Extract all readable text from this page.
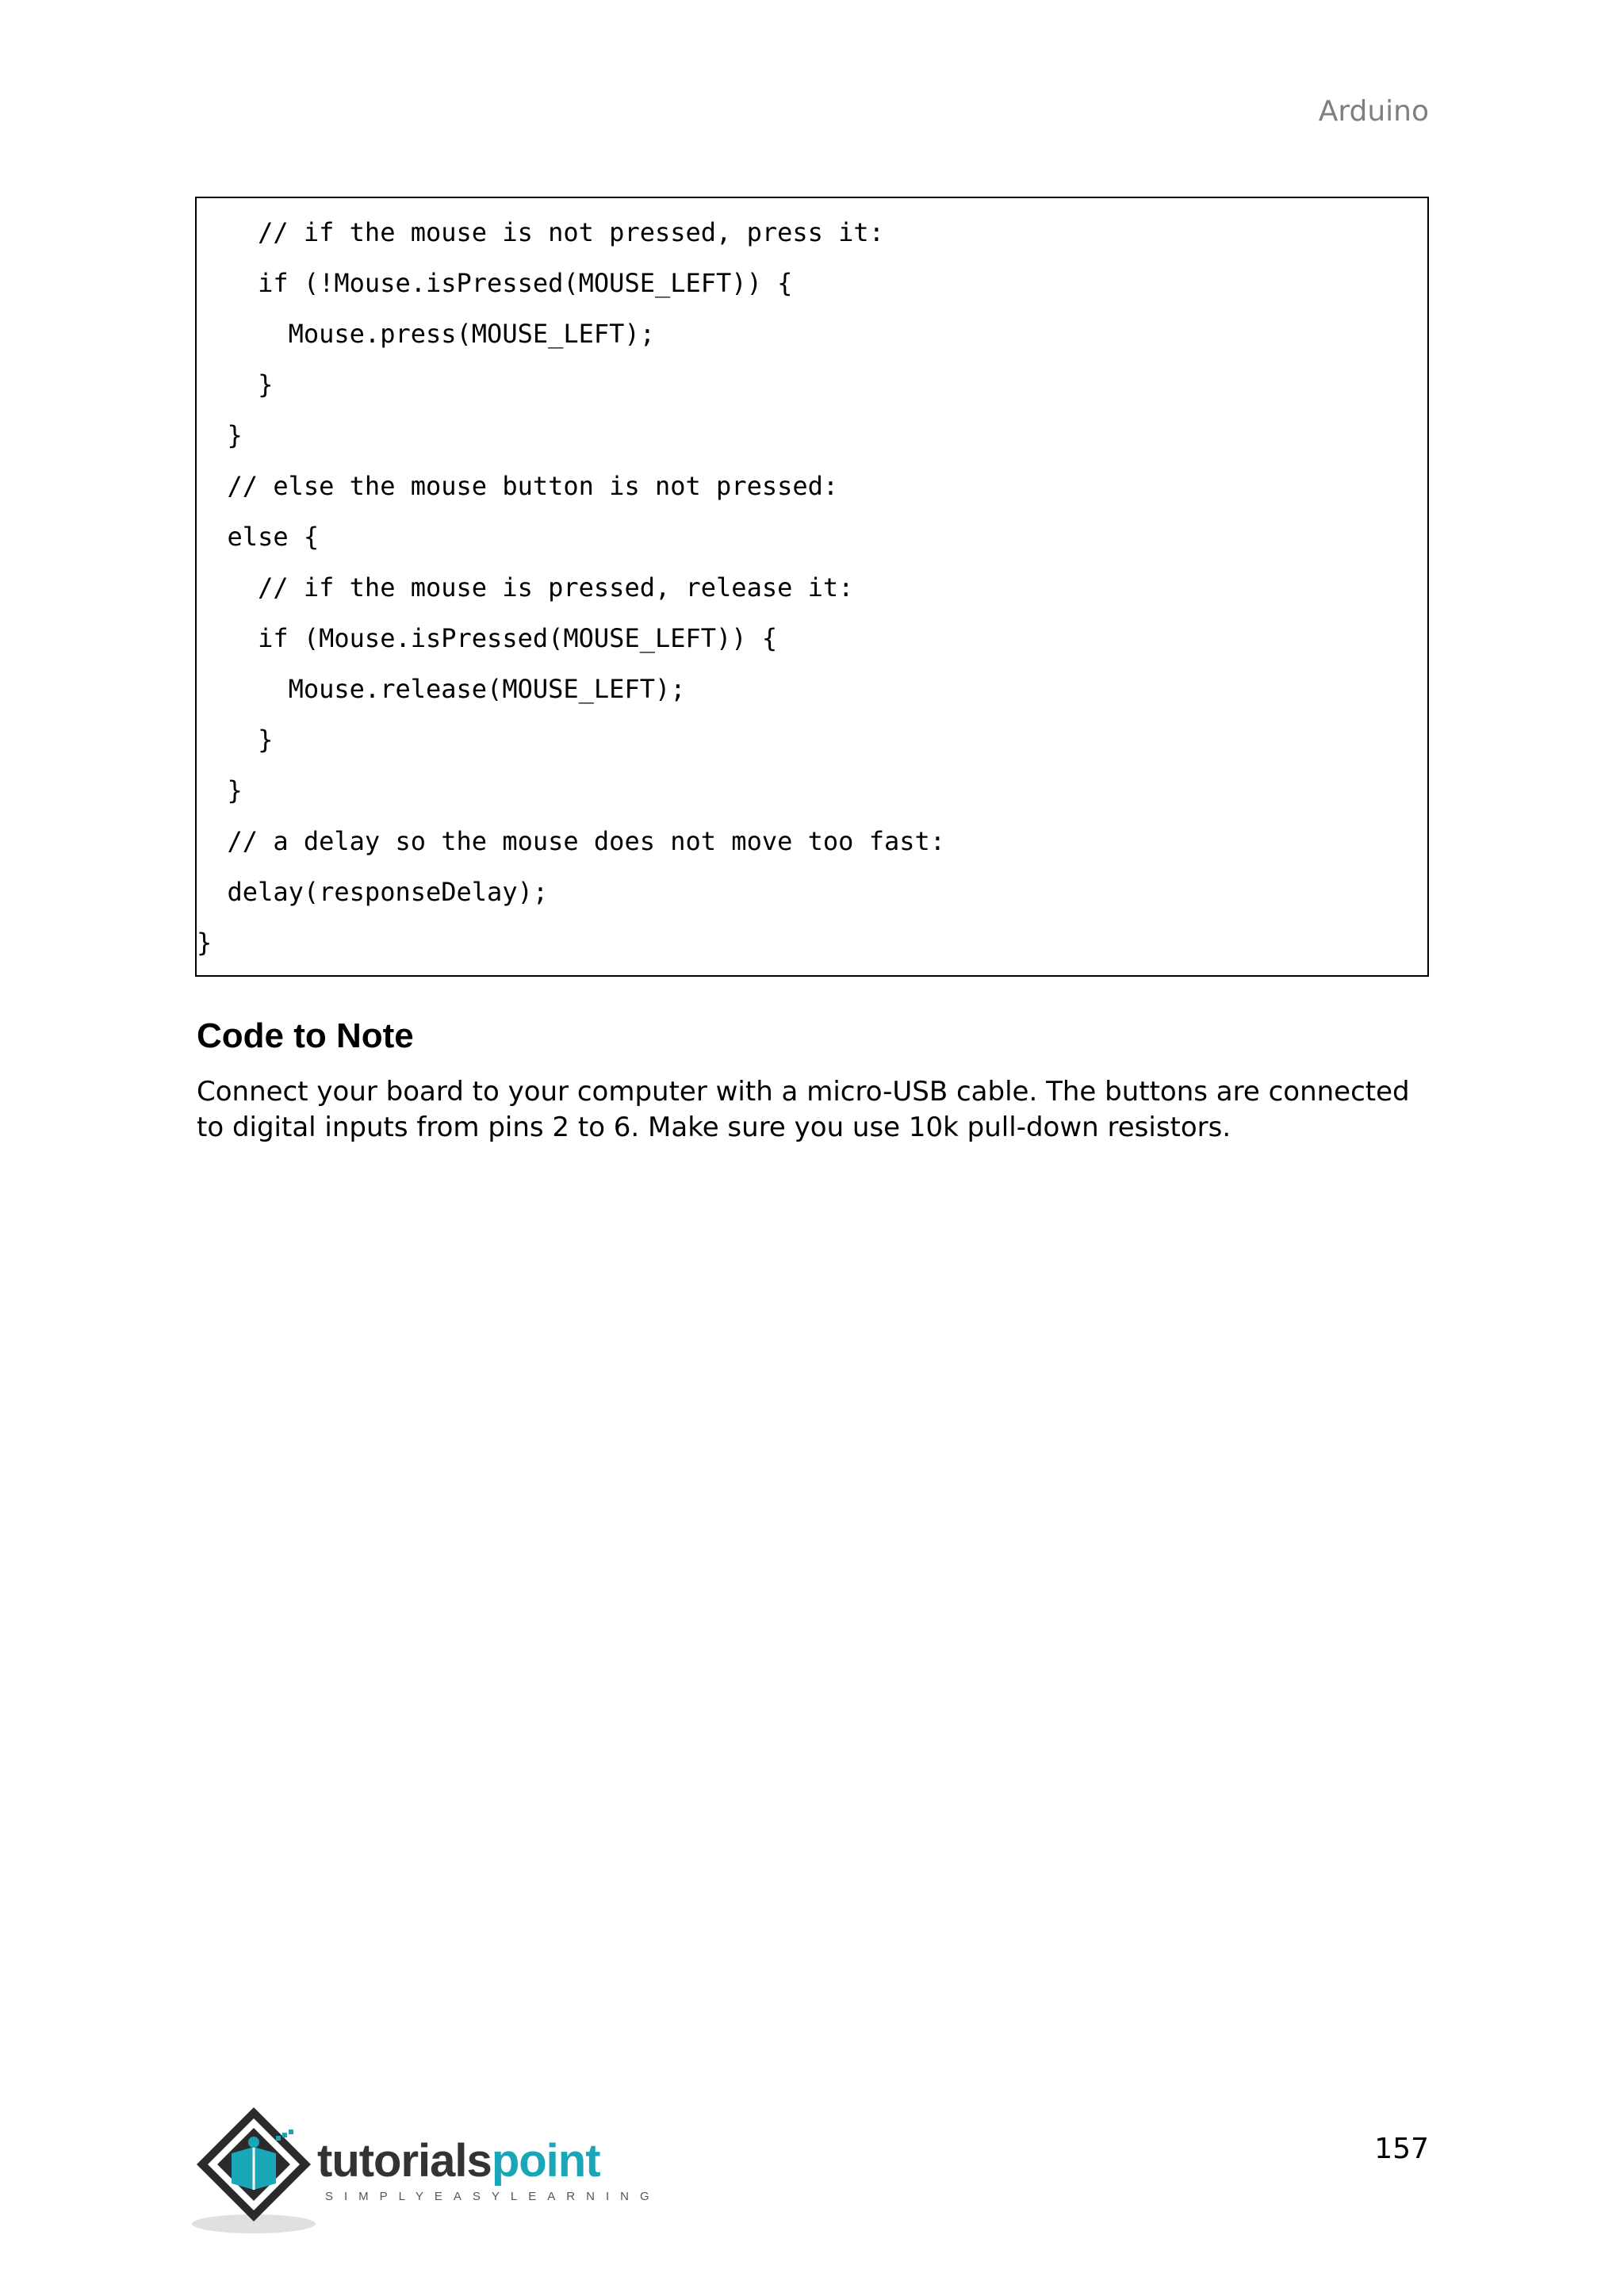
Arduino
// if the mouse is not pressed, press it:
if (!Mouse.isPressed(MOUSE_LEFT)) {
Mouse.press(MOUSE_LEFT);
}
}
// else the mouse button is not pressed:
else {
// if the mouse is pressed, release it:
if (Mouse.isPressed(MOUSE_LEFT)) {
Mouse.release(MOUSE_LEFT);
}
}
// a delay so the mouse does not move too fast:
delay(responseDelay);
}
Code to Note
Connect your board to your computer with a micro-USB cable. The buttons are connected to digital inputs from pins 2 to 6. Make sure you use 10k pull-down resistors.
tutorialspoint
SIMPLYEASYLEARNING
157
